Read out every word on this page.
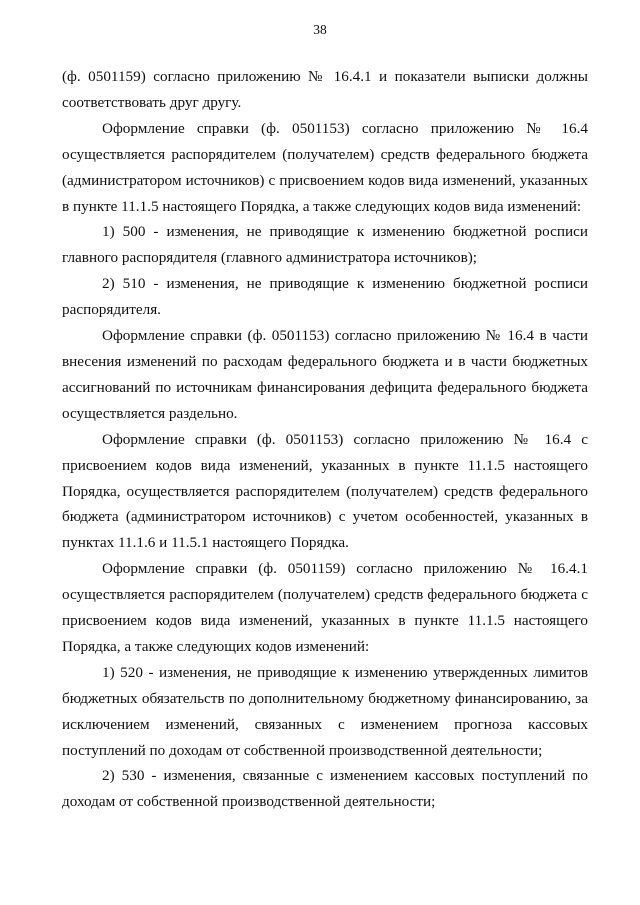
38

(ф. 0501159) согласно приложению № 16.4.1 и показатели выписки должны соответствовать друг другу.

Оформление справки (ф. 0501153) согласно приложению № 16.4 осуществляется распорядителем (получателем) средств федерального бюджета (администратором источников) с присвоением кодов вида изменений, указанных в пункте 11.1.5 настоящего Порядка, а также следующих кодов вида изменений:

1) 500 - изменения, не приводящие к изменению бюджетной росписи главного распорядителя (главного администратора источников);

2) 510 - изменения, не приводящие к изменению бюджетной росписи распорядителя.

Оформление справки (ф. 0501153) согласно приложению № 16.4 в части внесения изменений по расходам федерального бюджета и в части бюджетных ассигнований по источникам финансирования дефицита федерального бюджета осуществляется раздельно.

Оформление справки (ф. 0501153) согласно приложению № 16.4 с присвоением кодов вида изменений, указанных в пункте 11.1.5 настоящего Порядка, осуществляется распорядителем (получателем) средств федерального бюджета (администратором источников) с учетом особенностей, указанных в пунктах 11.1.6 и 11.5.1 настоящего Порядка.

Оформление справки (ф. 0501159) согласно приложению № 16.4.1 осуществляется распорядителем (получателем) средств федерального бюджета с присвоением кодов вида изменений, указанных в пункте 11.1.5 настоящего Порядка, а также следующих кодов изменений:

1) 520 - изменения, не приводящие к изменению утвержденных лимитов бюджетных обязательств по дополнительному бюджетному финансированию, за исключением изменений, связанных с изменением прогноза кассовых поступлений по доходам от собственной производственной деятельности;

2) 530 - изменения, связанные с изменением кассовых поступлений по доходам от собственной производственной деятельности;
